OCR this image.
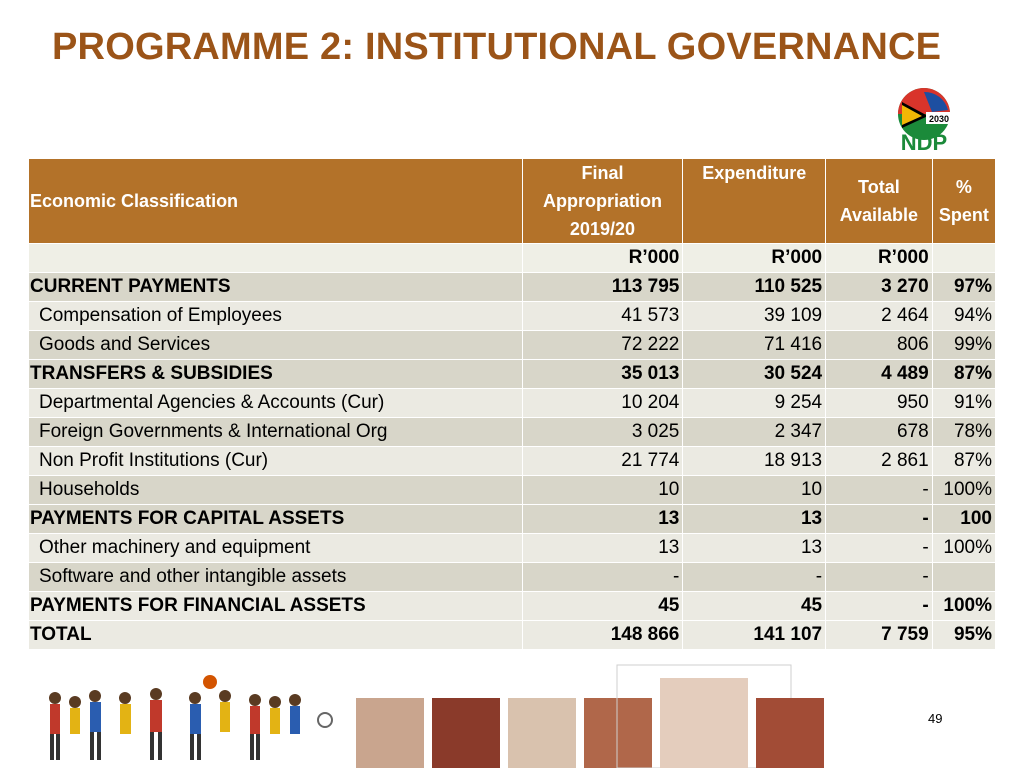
PROGRAMME 2: INSTITUTIONAL GOVERNANCE
2030
NDP
Economic Classification	Final Appropriation 2019/20	Expenditure	Total Available	% Spent
	R’000	R’000	R’000	
CURRENT PAYMENTS	113 795	110 525	3 270	97%
Compensation of Employees	41 573	39 109	2 464	94%
Goods and Services	72 222	71 416	806	99%
TRANSFERS & SUBSIDIES	35 013	30 524	4 489	87%
Departmental Agencies & Accounts (Cur)	10 204	9 254	950	91%
Foreign Governments & International Org	3 025	2 347	678	78%
Non Profit Institutions (Cur)	21 774	18 913	2 861	87%
Households	10	10	-	100%
PAYMENTS FOR CAPITAL ASSETS	13	13	-	100
Other machinery and equipment	13	13	-	100%
Software and other intangible assets	-	-	-	
PAYMENTS FOR FINANCIAL ASSETS	45	45	-	100%
TOTAL	148 866	141 107	7 759	95%
49
